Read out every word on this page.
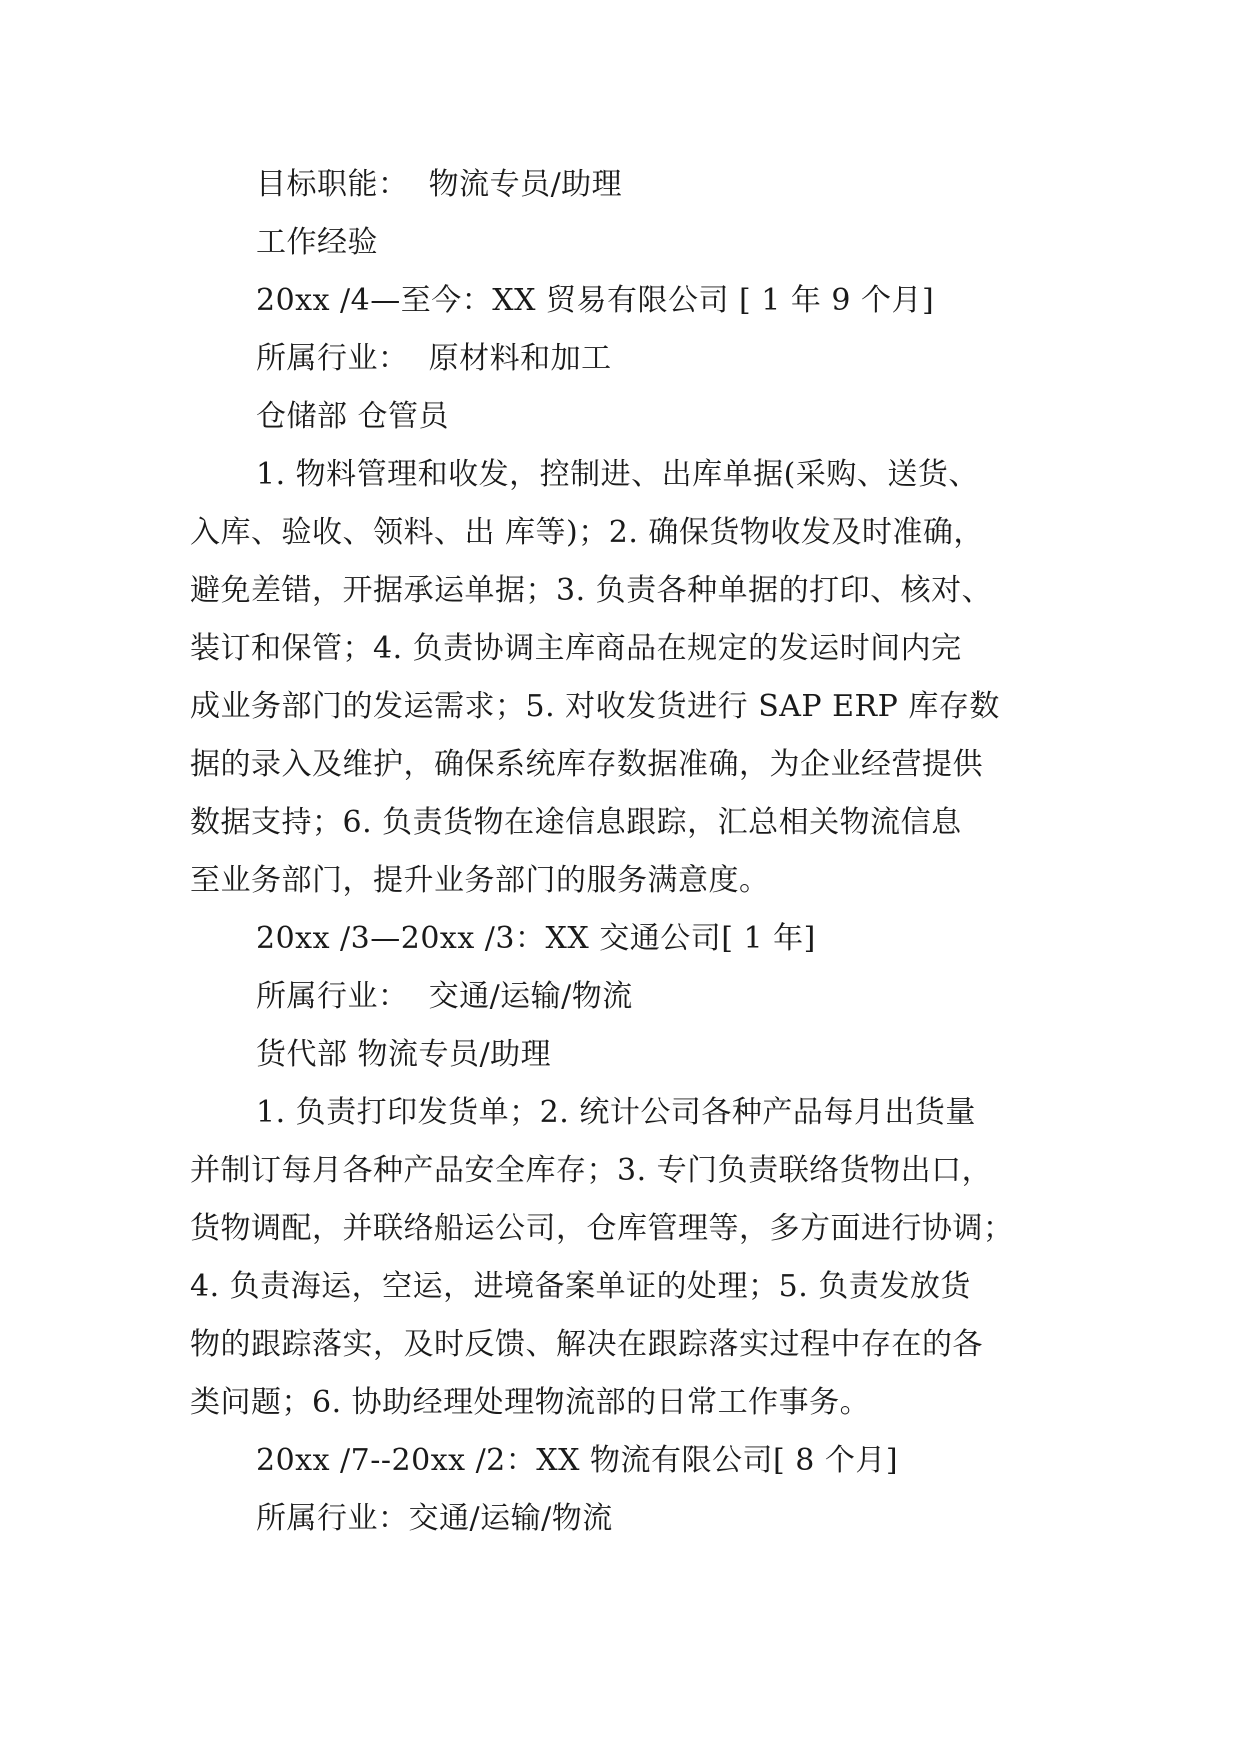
目标职能：  物流专员/助理
工作经验
20xx /4—至今：XX 贸易有限公司 [ 1 年 9 个月]
所属行业：  原材料和加工
仓储部 仓管员
1. 物料管理和收发，控制进、出库单据(采购、送货、
入库、验收、领料、出 库等)；2. 确保货物收发及时准确，
避免差错，开据承运单据；3. 负责各种单据的打印、核对、
装订和保管；4. 负责协调主库商品在规定的发运时间内完
成业务部门的发运需求；5. 对收发货进行 SAP ERP 库存数
据的录入及维护，确保系统库存数据准确，为企业经营提供
数据支持；6. 负责货物在途信息跟踪，汇总相关物流信息
至业务部门，提升业务部门的服务满意度。
20xx /3—20xx /3：XX 交通公司[ 1 年]
所属行业：  交通/运输/物流
货代部 物流专员/助理
1. 负责打印发货单；2. 统计公司各种产品每月出货量
并制订每月各种产品安全库存；3. 专门负责联络货物出口，
货物调配，并联络船运公司，仓库管理等，多方面进行协调；
4. 负责海运，空运，进境备案单证的处理；5. 负责发放货
物的跟踪落实，及时反馈、解决在跟踪落实过程中存在的各
类问题；6. 协助经理处理物流部的日常工作事务。
20xx /7--20xx /2：XX 物流有限公司[ 8 个月]
所属行业：交通/运输/物流
